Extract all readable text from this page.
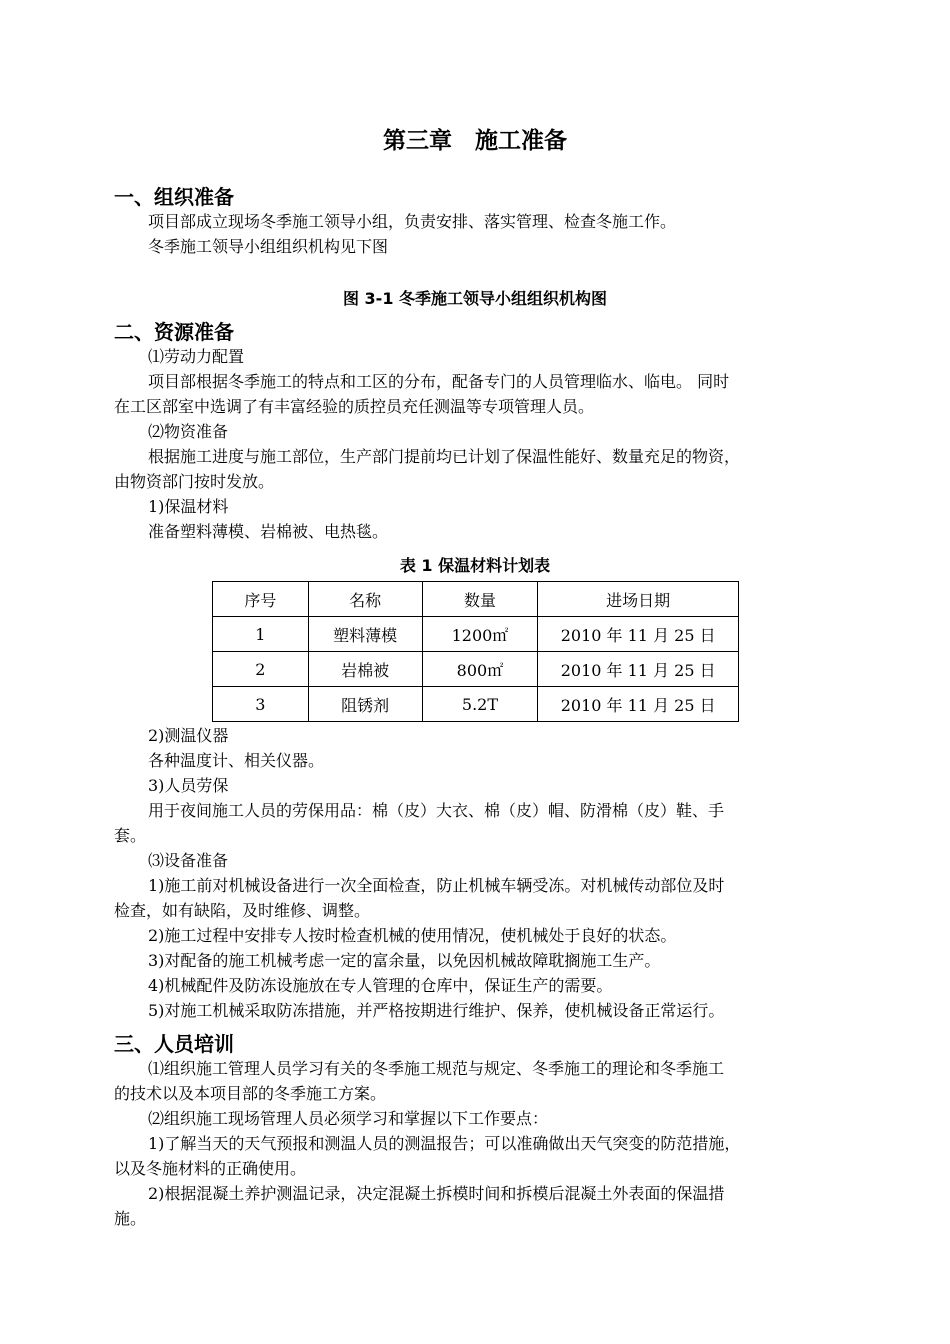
第三章　施工准备
一、组织准备
项目部成立现场冬季施工领导小组，负责安排、落实管理、检查冬施工作。
冬季施工领导小组组织机构见下图
图 3-1 冬季施工领导小组组织机构图
二、资源准备
⑴劳动力配置
项目部根据冬季施工的特点和工区的分布，配备专门的人员管理临水、临电。 同时
在工区部室中选调了有丰富经验的质控员充任测温等专项管理人员。
⑵物资准备
根据施工进度与施工部位，生产部门提前均已计划了保温性能好、数量充足的物资，
由物资部门按时发放。
1)保温材料
准备塑料薄模、岩棉被、电热毯。
表 1 保温材料计划表
序号	名称	数量	进场日期
1	塑料薄模	1200㎡	2010 年 11 月 25 日
2	岩棉被	800㎡	2010 年 11 月 25 日
3	阻锈剂	5.2T	2010 年 11 月 25 日
2)测温仪器
各种温度计、相关仪器。
3)人员劳保
用于夜间施工人员的劳保用品：棉（皮）大衣、棉（皮）帽、防滑棉（皮）鞋、手
套。
⑶设备准备
1)施工前对机械设备进行一次全面检查，防止机械车辆受冻。对机械传动部位及时
检查，如有缺陷，及时维修、调整。
2)施工过程中安排专人按时检查机械的使用情况，使机械处于良好的状态。
3)对配备的施工机械考虑一定的富余量，以免因机械故障耽搁施工生产。
4)机械配件及防冻设施放在专人管理的仓库中，保证生产的需要。
5)对施工机械采取防冻措施，并严格按期进行维护、保养，使机械设备正常运行。
三、人员培训
⑴组织施工管理人员学习有关的冬季施工规范与规定、冬季施工的理论和冬季施工
的技术以及本项目部的冬季施工方案。
⑵组织施工现场管理人员必须学习和掌握以下工作要点：
1)了解当天的天气预报和测温人员的测温报告；可以准确做出天气突变的防范措施，
以及冬施材料的正确使用。
2)根据混凝土养护测温记录，决定混凝土拆模时间和拆模后混凝土外表面的保温措
施。
